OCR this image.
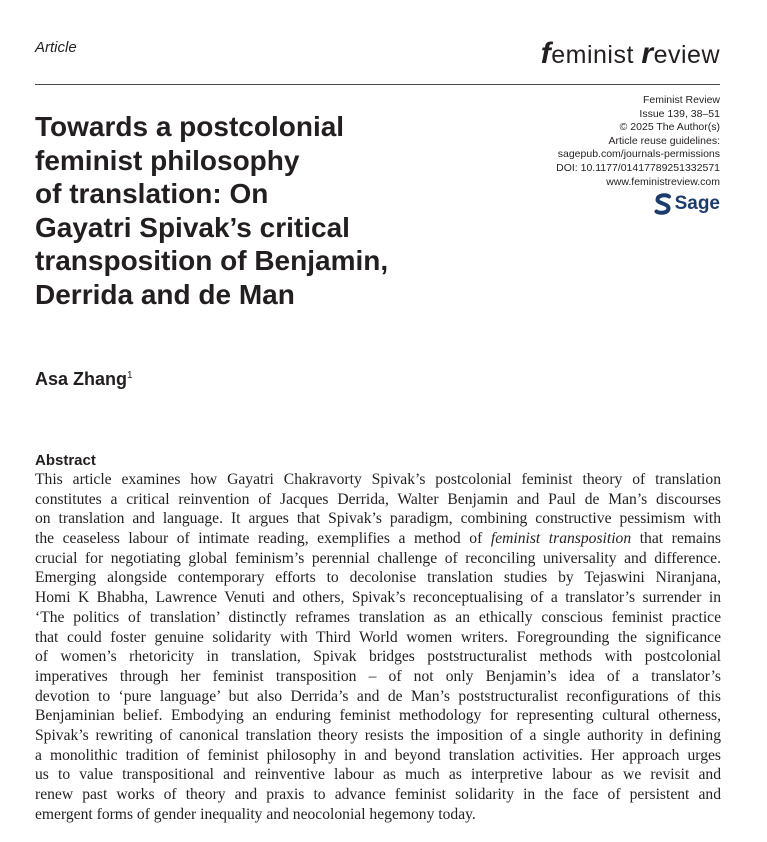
Article	feminist review
Towards a postcolonial
feminist philosophy
of translation: On
Gayatri Spivak’s critical
transposition of Benjamin,
Derrida and de Man
Feminist Review
Issue 139, 38–51
© 2025 The Author(s)
Article reuse guidelines:
sagepub.com/journals-permissions
DOI: 10.1177/01417789251332571
www.feministreview.com
Sage
Asa Zhang$^1$
Abstract
This article examines how Gayatri Chakravorty Spivak’s postcolonial feminist theory of translation
constitutes a critical reinvention of Jacques Derrida, Walter Benjamin and Paul de Man’s discourses
on translation and language. It argues that Spivak’s paradigm, combining constructive pessimism with
the ceaseless labour of intimate reading, exemplifies a method of feminist transposition that remains
crucial for negotiating global feminism’s perennial challenge of reconciling universality and difference.
Emerging alongside contemporary efforts to decolonise translation studies by Tejaswini Niranjana,
Homi K Bhabha, Lawrence Venuti and others, Spivak’s reconceptualising of a translator’s surrender in
‘The politics of translation’ distinctly reframes translation as an ethically conscious feminist practice
that could foster genuine solidarity with Third World women writers. Foregrounding the significance
of women’s rhetoricity in translation, Spivak bridges poststructuralist methods with postcolonial
imperatives through her feminist transposition – of not only Benjamin’s idea of a translator’s
devotion to ‘pure language’ but also Derrida’s and de Man’s poststructuralist reconfigurations of this
Benjaminian belief. Embodying an enduring feminist methodology for representing cultural otherness,
Spivak’s rewriting of canonical translation theory resists the imposition of a single authority in defining
a monolithic tradition of feminist philosophy in and beyond translation activities. Her approach urges
us to value transpositional and reinventive labour as much as interpretive labour as we revisit and
renew past works of theory and praxis to advance feminist solidarity in the face of persistent and
emergent forms of gender inequality and neocolonial hegemony today.
